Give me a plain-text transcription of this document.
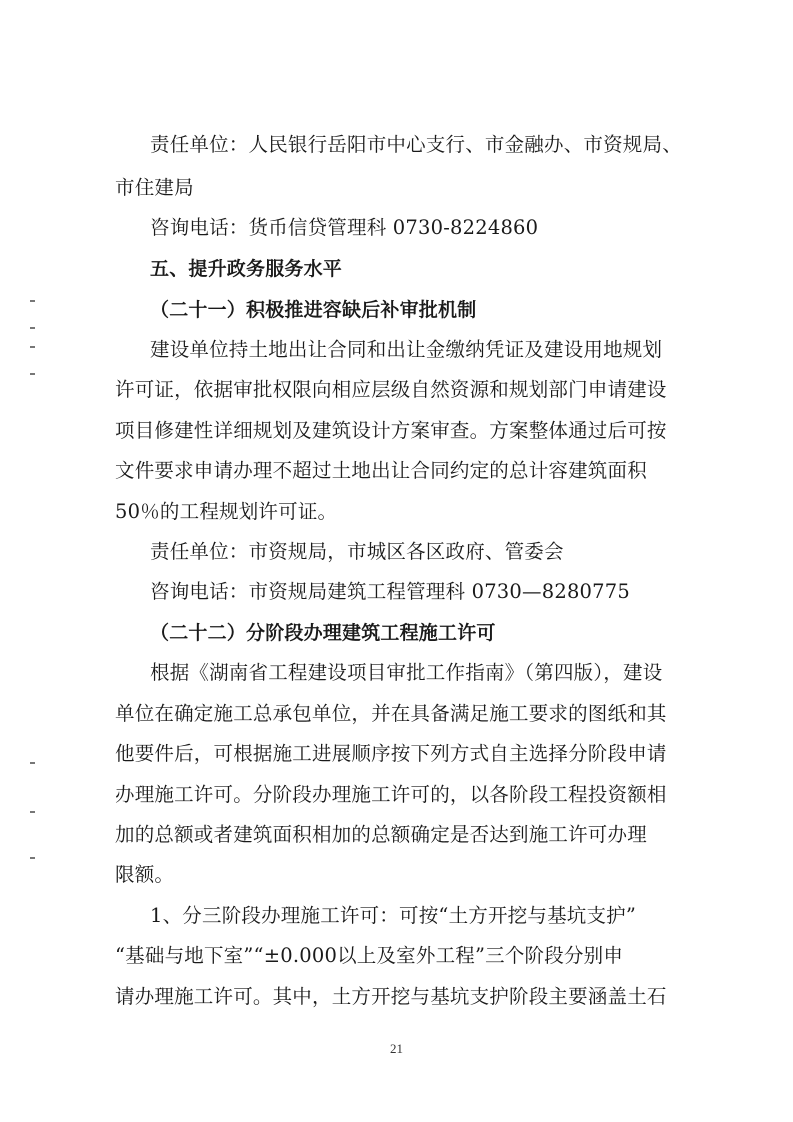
责任单位：人民银行岳阳市中心支行、市金融办、市资规局、
市住建局
咨询电话：货币信贷管理科 0730-8224860
五、提升政务服务水平
（二十一）积极推进容缺后补审批机制
建设单位持土地出让合同和出让金缴纳凭证及建设用地规划
许可证，依据审批权限向相应层级自然资源和规划部门申请建设
项目修建性详细规划及建筑设计方案审查。方案整体通过后可按
文件要求申请办理不超过土地出让合同约定的总计容建筑面积
50％的工程规划许可证。
责任单位：市资规局，市城区各区政府、管委会
咨询电话：市资规局建筑工程管理科 0730—8280775
（二十二）分阶段办理建筑工程施工许可
根据《湖南省工程建设项目审批工作指南》（第四版），建设
单位在确定施工总承包单位，并在具备满足施工要求的图纸和其
他要件后，可根据施工进展顺序按下列方式自主选择分阶段申请
办理施工许可。分阶段办理施工许可的，以各阶段工程投资额相
加的总额或者建筑面积相加的总额确定是否达到施工许可办理
限额。
1、分三阶段办理施工许可：可按“土方开挖与基坑支护”
“基础与地下室”“±0.000以上及室外工程”三个阶段分别申
请办理施工许可。其中，土方开挖与基坑支护阶段主要涵盖土石
21
